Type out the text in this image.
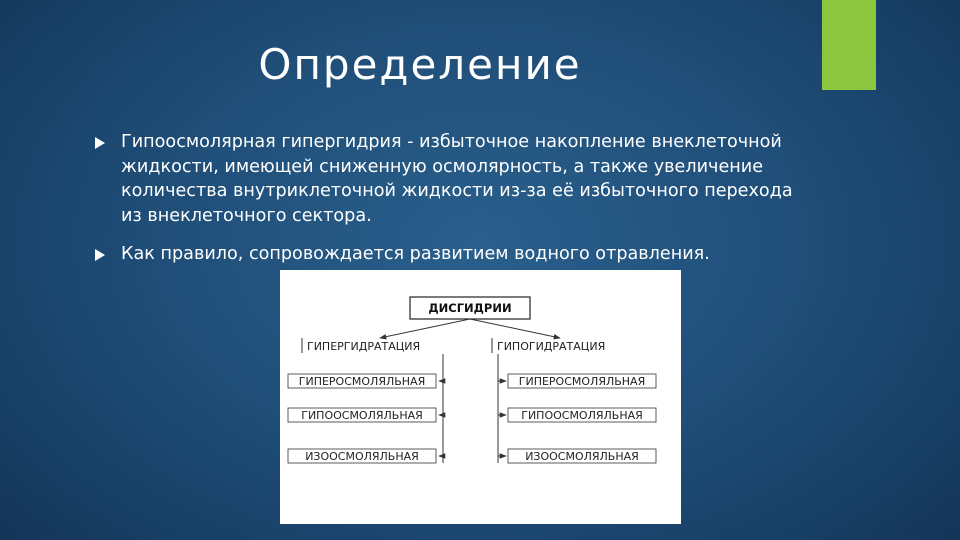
Определение
Гипоосмолярная гипергидрия - избыточное накопление внеклеточной жидкости, имеющей сниженную осмолярность, а также увеличение количества внутриклеточной жидкости из-за её избыточного перехода из внеклеточного сектора.
Как правило, сопровождается развитием водного отравления.
ДИСГИДРИИ
ГИПЕРГИДРАТАЦИЯ	ГИПОГИДРАТАЦИЯ
ГИПЕРОСМОЛЯЛЬНАЯ
ГИПООСМОЛЯЛЬНАЯ
ИЗООСМОЛЯЛЬНАЯ
ГИПЕРОСМОЛЯЛЬНАЯ
ГИПООСМОЛЯЛЬНАЯ
ИЗООСМОЛЯЛЬНАЯ
